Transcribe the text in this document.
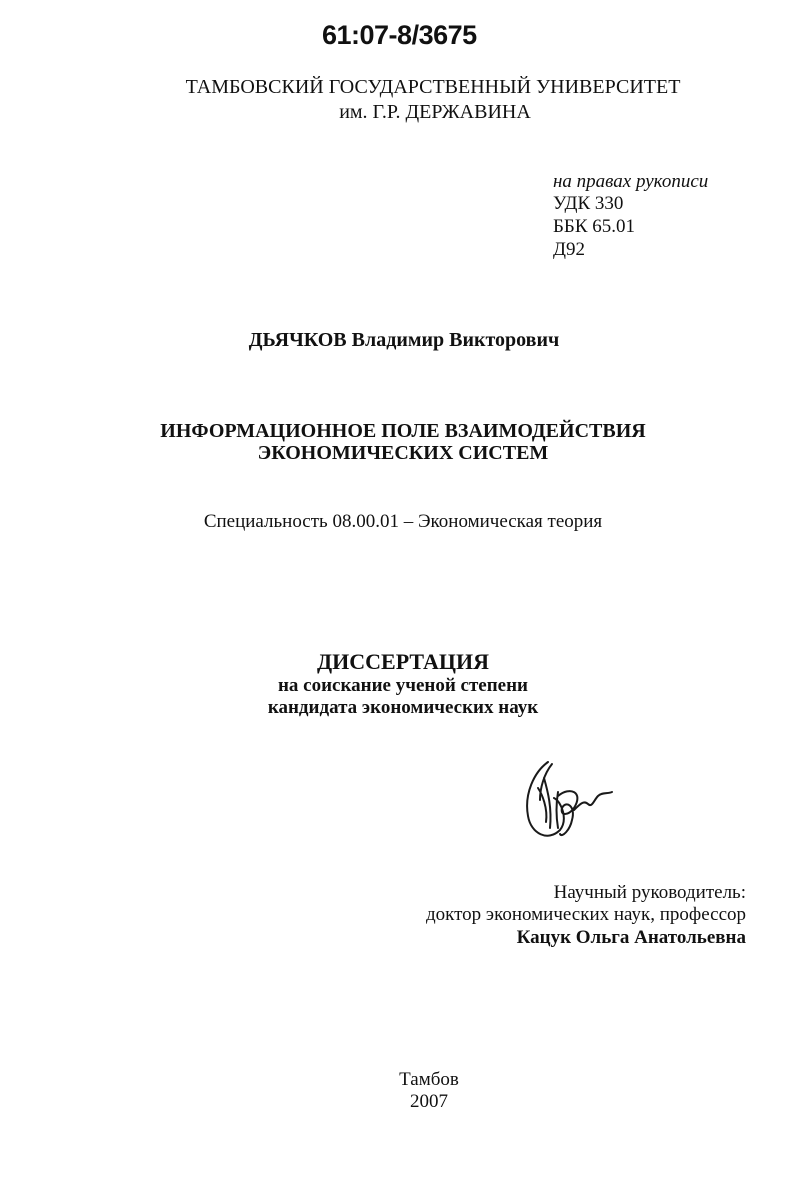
61:07-8/3675
ТАМБОВСКИЙ ГОСУДАРСТВЕННЫЙ УНИВЕРСИТЕТ
им. Г.Р. ДЕРЖАВИНА
на правах рукописи
УДК 330
ББК 65.01
Д92
ДЬЯЧКОВ Владимир Викторович
ИНФОРМАЦИОННОЕ ПОЛЕ ВЗАИМОДЕЙСТВИЯ
ЭКОНОМИЧЕСКИХ СИСТЕМ
Специальность 08.00.01 – Экономическая теория
ДИССЕРТАЦИЯ
на соискание ученой степени
кандидата экономических наук
Научный руководитель:
доктор экономических наук, профессор
Кацук Ольга Анатольевна
Тамбов
2007
